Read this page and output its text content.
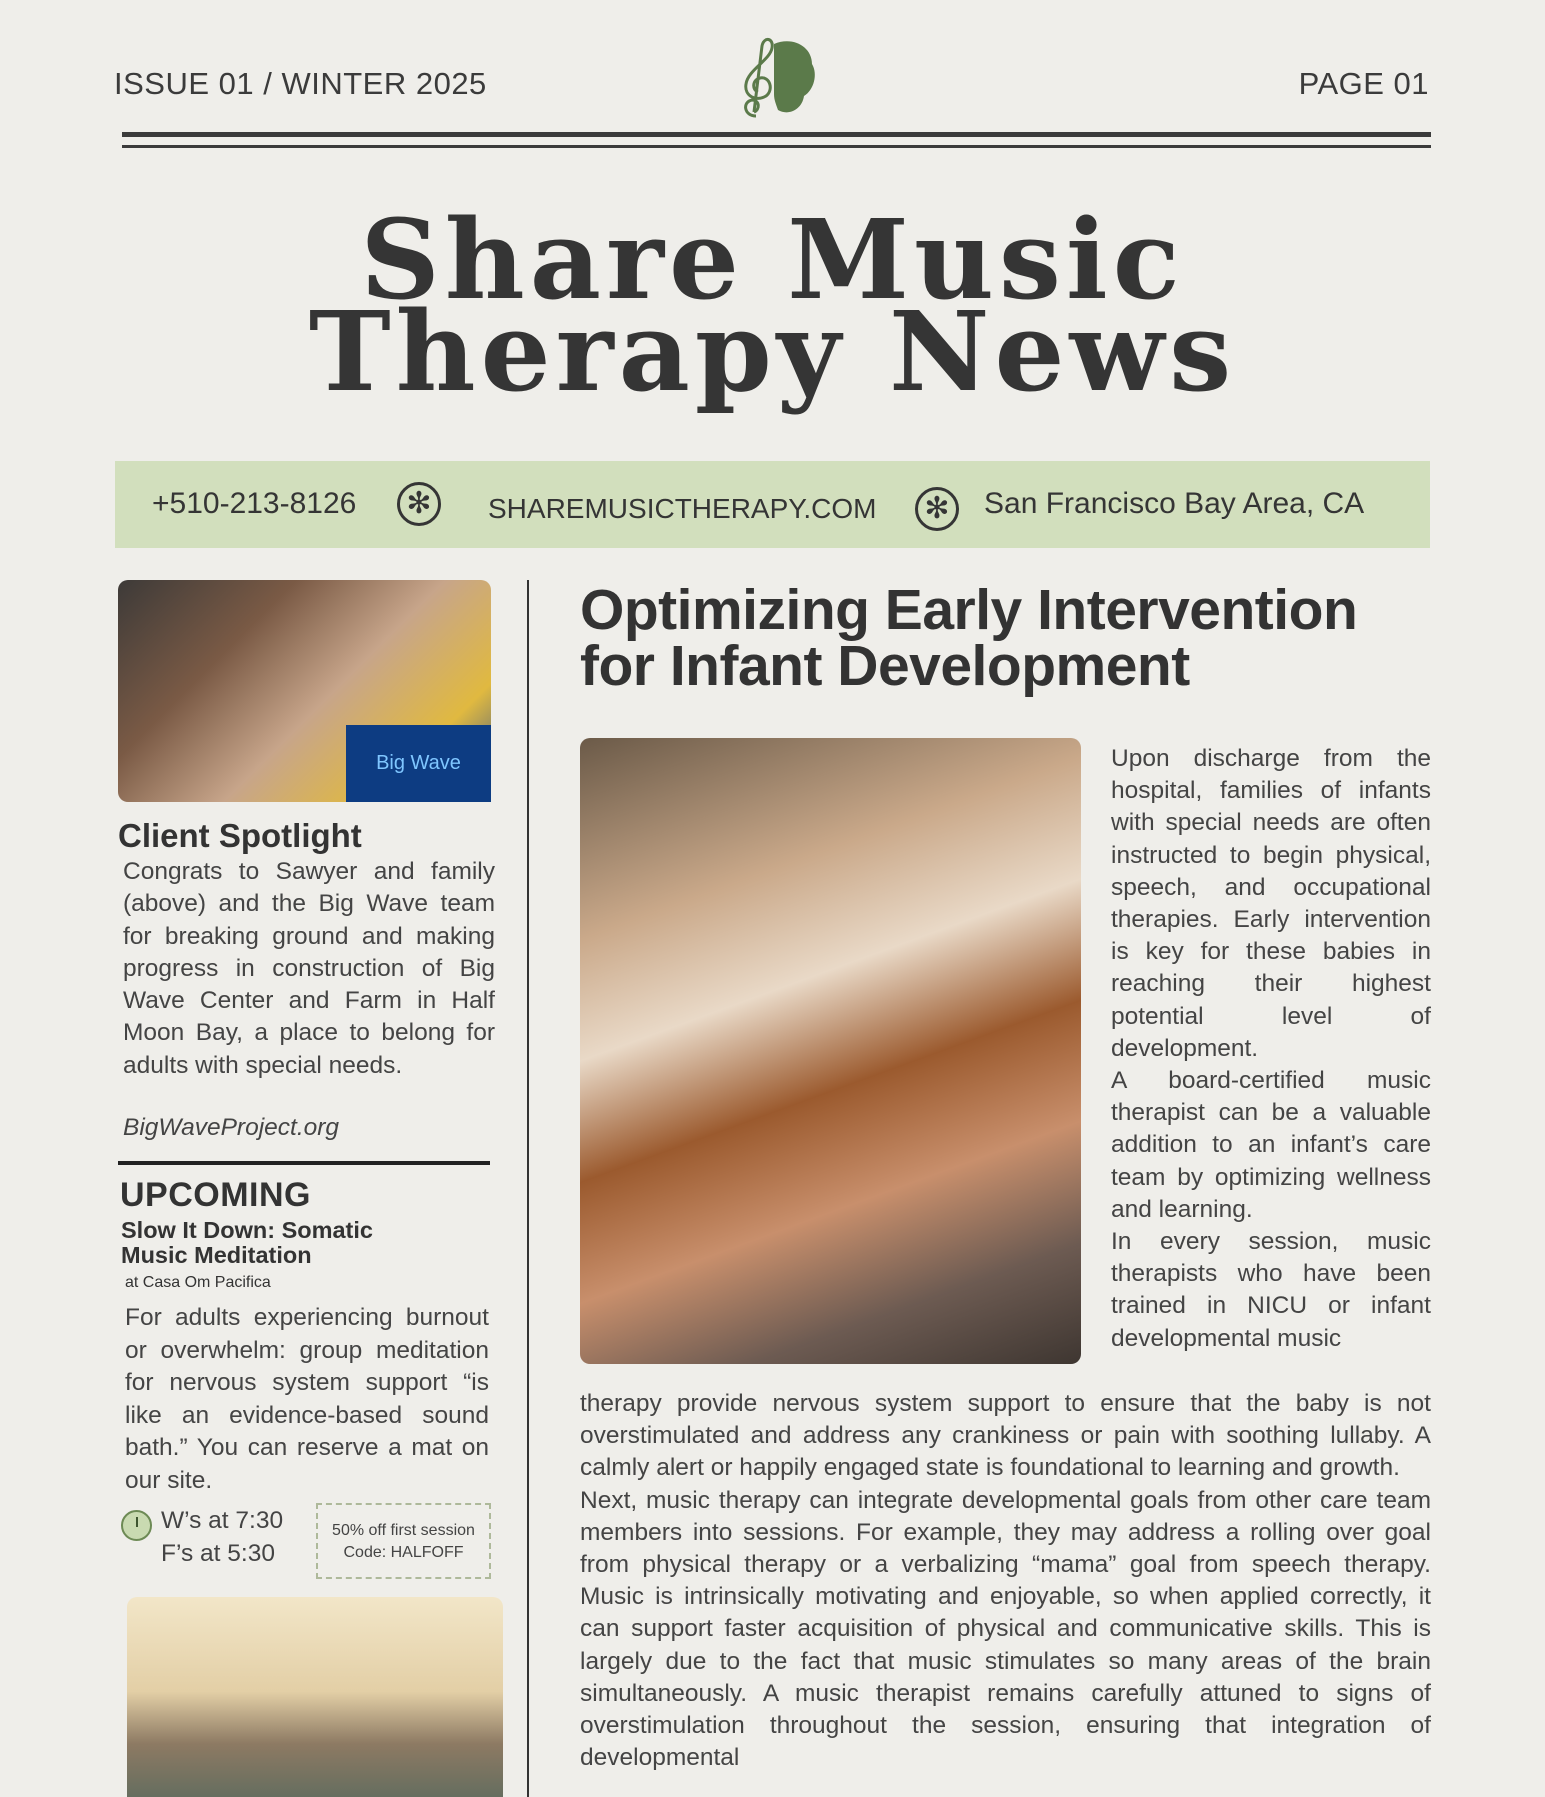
ISSUE 01 / WINTER 2025	PAGE 01
Share Music
Therapy News
+510-213-8126	✻	SHAREMUSICTHERAPY.COM	✻	San Francisco Bay Area, CA
Big Wave
Client Spotlight
Congrats to Sawyer and family (above) and the Big Wave team for breaking ground and making progress in construction of Big Wave Center and Farm in Half Moon Bay, a place to belong for adults with special needs.
BigWaveProject.org
UPCOMING
Slow It Down: Somatic Music Meditation
at Casa Om Pacifica
For adults experiencing burnout or overwhelm: group meditation for nervous system support “is like an evidence-based sound bath.” You can reserve a mat on our site.
W’s at 7:30
F’s at 5:30
50% off first session
Code: HALFOFF
Optimizing Early Intervention for Infant Development

Upon discharge from the hospital, families of infants with special needs are often instructed to begin physical, speech, and occupational therapies. Early intervention is key for these babies in reaching their highest potential level of development.

A board-certified music therapist can be a valuable addition to an infant’s care team by optimizing wellness and learning.

In every session, music therapists who have been trained in NICU or infant developmental music

therapy provide nervous system support to ensure that the baby is not overstimulated and address any crankiness or pain with soothing lullaby. A calmly alert or happily engaged state is foundational to learning and growth.

Next, music therapy can integrate developmental goals from other care team members into sessions. For example, they may address a rolling over goal from physical therapy or a verbalizing “mama” goal from speech therapy. Music is intrinsically motivating and enjoyable, so when applied correctly, it can support faster acquisition of physical and communicative skills. This is largely due to the fact that music stimulates so many areas of the brain simultaneously. A music therapist remains carefully attuned to signs of overstimulation throughout the session, ensuring that integration of developmental
